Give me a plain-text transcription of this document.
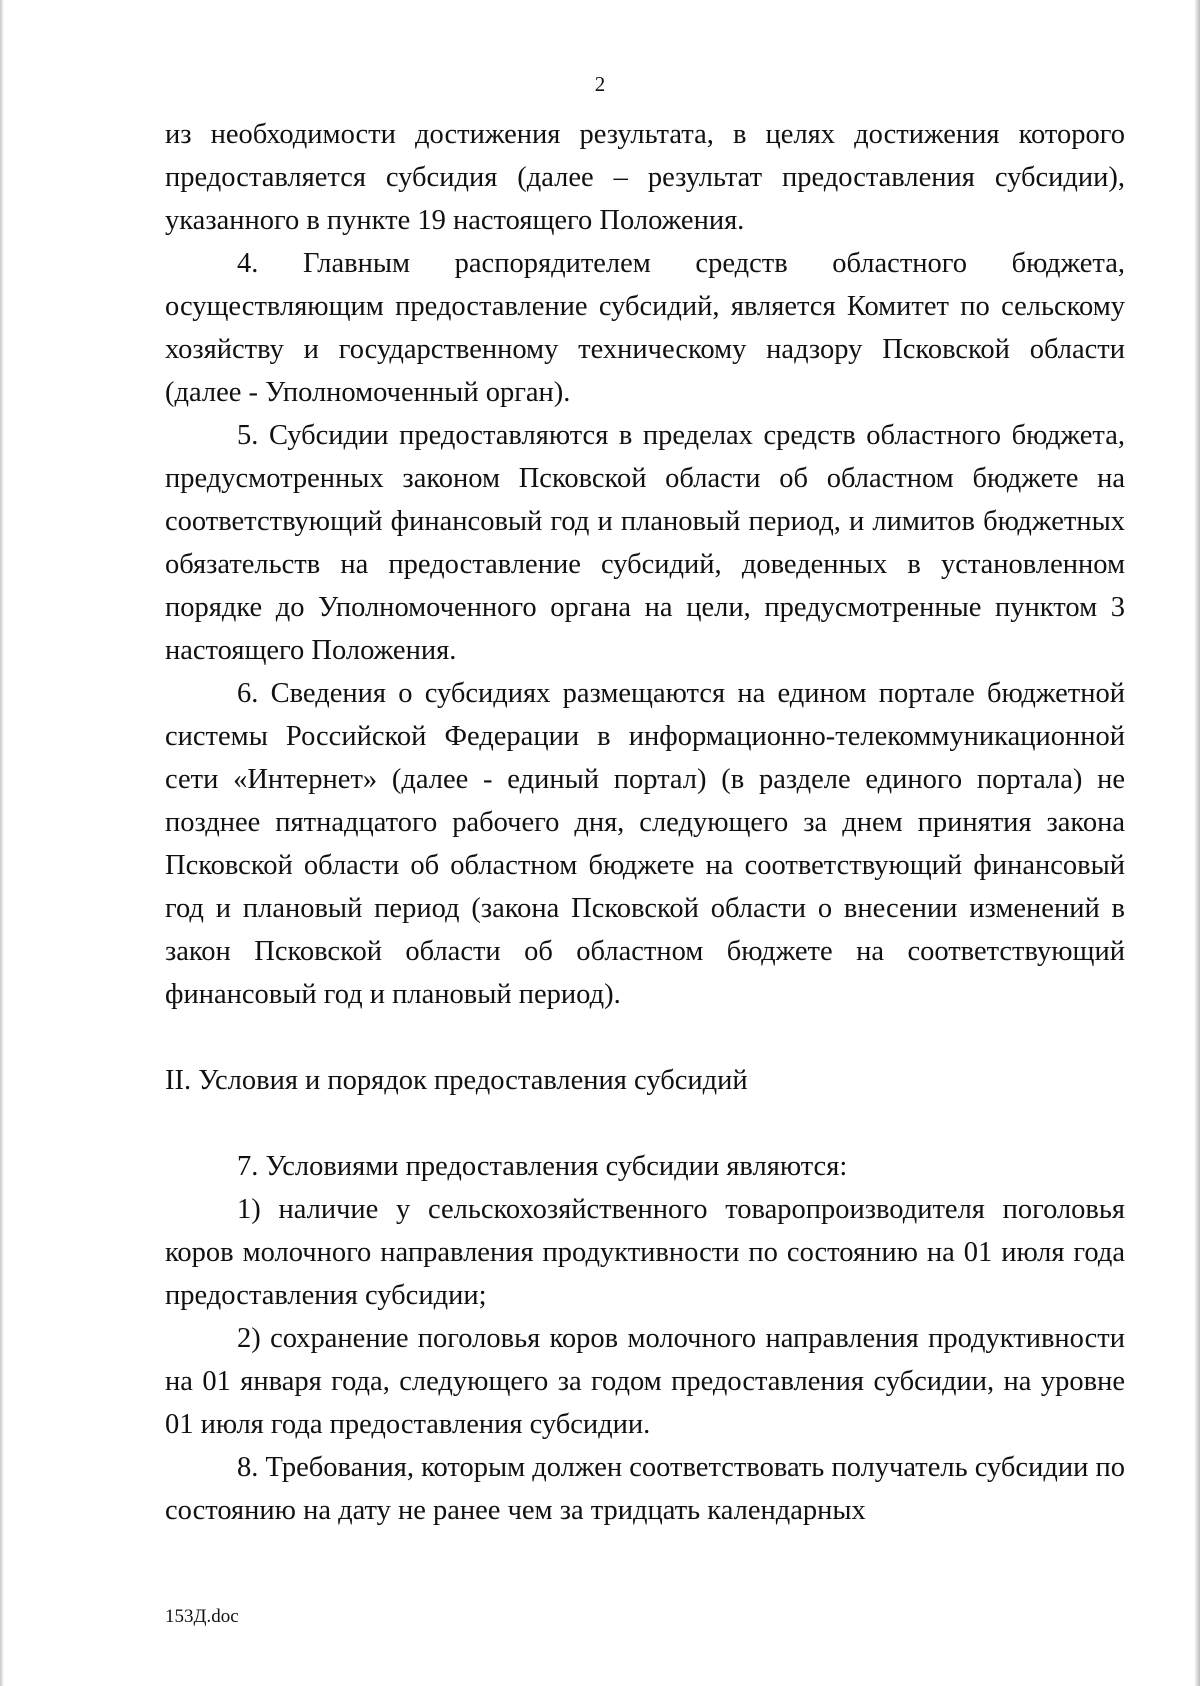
2

из необходимости достижения результата, в целях достижения которого предоставляется субсидия (далее – результат предоставления субсидии), указанного в пункте 19 настоящего Положения.

4. Главным распорядителем средств областного бюджета, осуществляющим предоставление субсидий, является Комитет по сельскому хозяйству и государственному техническому надзору Псковской области (далее - Уполномоченный орган).

5. Субсидии предоставляются в пределах средств областного бюджета, предусмотренных законом Псковской области об областном бюджете на соответствующий финансовый год и плановый период, и лимитов бюджетных обязательств на предоставление субсидий, доведенных в установленном порядке до Уполномоченного органа на цели, предусмотренные пунктом 3 настоящего Положения.

6. Сведения о субсидиях размещаются на едином портале бюджетной системы Российской Федерации в информационно-телекоммуникационной сети «Интернет» (далее - единый портал) (в разделе единого портала) не позднее пятнадцатого рабочего дня, следующего за днем принятия закона Псковской области об областном бюджете на соответствующий финансовый год и плановый период (закона Псковской области о внесении изменений в закон Псковской области об областном бюджете на соответствующий финансовый год и плановый период).

II. Условия и порядок предоставления субсидий

7. Условиями предоставления субсидии являются:

1) наличие у сельскохозяйственного товаропроизводителя поголовья коров молочного направления продуктивности по состоянию на 01 июля года предоставления субсидии;

2) сохранение поголовья коров молочного направления продуктивности на 01 января года, следующего за годом предоставления субсидии, на уровне 01 июля года предоставления субсидии.

8. Требования, которым должен соответствовать получатель субсидии по состоянию на дату не ранее чем за тридцать календарных

153Д.doc
